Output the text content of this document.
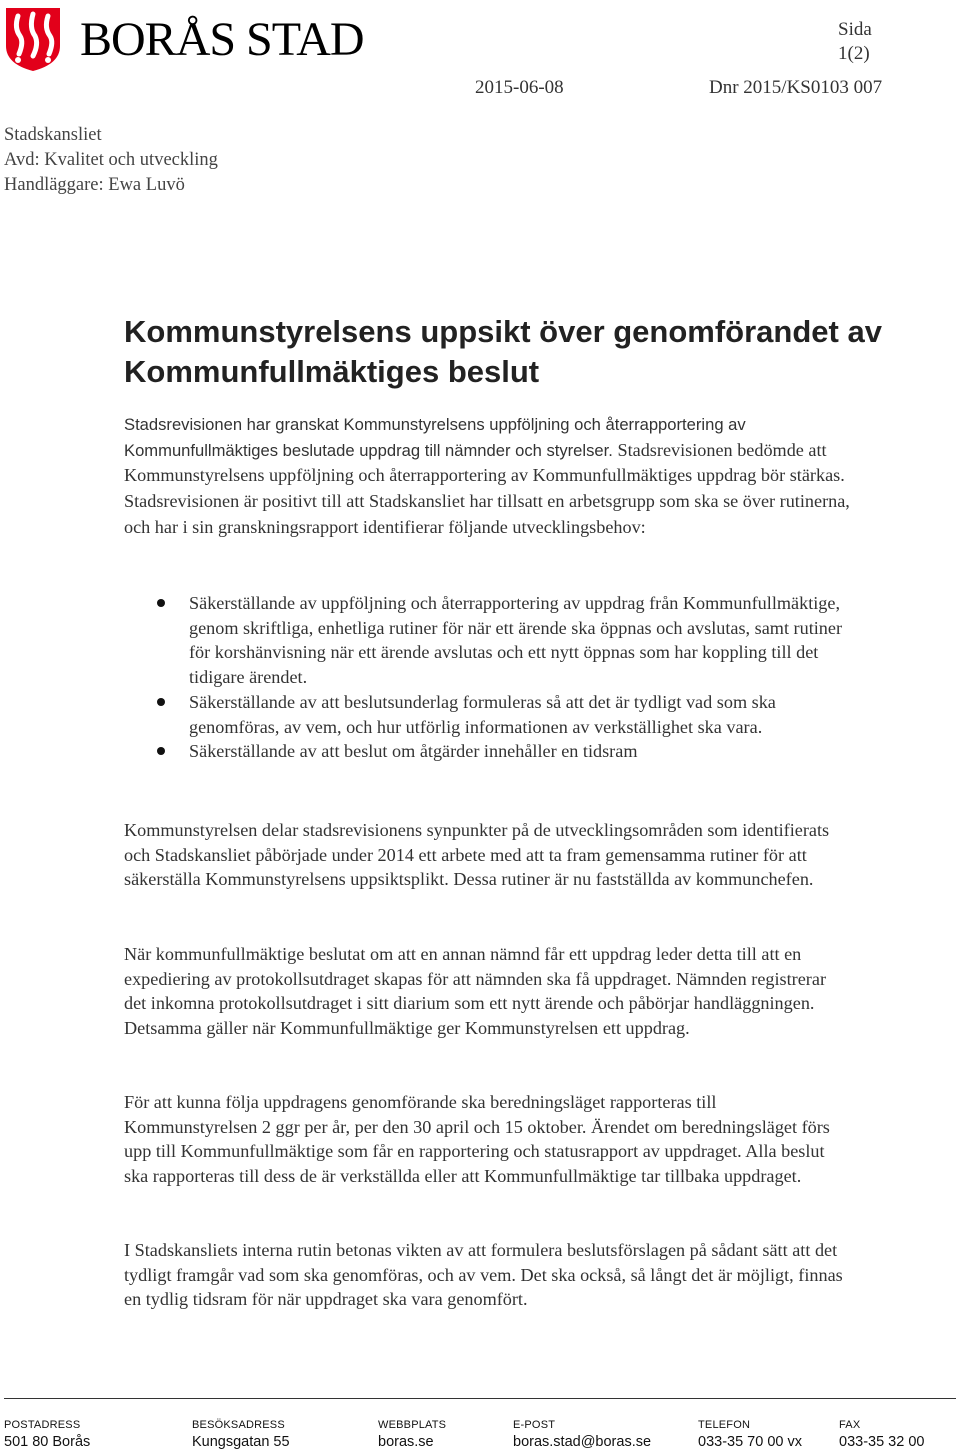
BORÅS STAD	Sida
1(2)
2015-06-08	Dnr 2015/KS0103 007
Stadskansliet
Avd: Kvalitet och utveckling
Handläggare: Ewa Luvö
Kommunstyrelsens uppsikt över genomförandet av Kommunfullmäktiges beslut

Stadsrevisionen har granskat Kommunstyrelsens uppföljning och återrapportering av Kommunfullmäktiges beslutade uppdrag till nämnder och styrelser. Stadsrevisionen bedömde att Kommunstyrelsens uppföljning och återrapportering av Kommunfullmäktiges uppdrag bör stärkas. Stadsrevisionen är positivt till att Stadskansliet har tillsatt en arbetsgrupp som ska se över rutinerna, och har i sin granskningsrapport identifierar följande utvecklingsbehov:

Säkerställande av uppföljning och återrapportering av uppdrag från Kommunfullmäktige, genom skriftliga, enhetliga rutiner för när ett ärende ska öppnas och avslutas, samt rutiner för korshänvisning när ett ärende avslutas och ett nytt öppnas som har koppling till det tidigare ärendet.
Säkerställande av att beslutsunderlag formuleras så att det är tydligt vad som ska genomföras, av vem, och hur utförlig informationen av verkställighet ska vara.
Säkerställande av att beslut om åtgärder innehåller en tidsram

Kommunstyrelsen delar stadsrevisionens synpunkter på de utvecklingsområden som identifierats och Stadskansliet påbörjade under 2014 ett arbete med att ta fram gemensamma rutiner för att säkerställa Kommunstyrelsens uppsiktsplikt. Dessa rutiner är nu fastställda av kommunchefen.

När kommunfullmäktige beslutat om att en annan nämnd får ett uppdrag leder detta till att en expediering av protokollsutdraget skapas för att nämnden ska få uppdraget. Nämnden registrerar det inkomna protokollsutdraget i sitt diarium som ett nytt ärende och påbörjar handläggningen. Detsamma gäller när Kommunfullmäktige ger Kommunstyrelsen ett uppdrag.

För att kunna följa uppdragens genomförande ska beredningsläget rapporteras till Kommunstyrelsen 2 ggr per år, per den 30 april och 15 oktober. Ärendet om beredningsläget förs upp till Kommunfullmäktige som får en rapportering och statusrapport av uppdraget. Alla beslut ska rapporteras till dess de är verkställda eller att Kommunfullmäktige tar tillbaka uppdraget.

I Stadskansliets interna rutin betonas vikten av att formulera beslutsförslagen på sådant sätt att det tydligt framgår vad som ska genomföras, och av vem. Det ska också, så långt det är möjligt, finnas en tydlig tidsram för när uppdraget ska vara genomfört.

POSTADRESS
501 80 Borås
BESÖKSADRESS
Kungsgatan 55
WEBBPLATS
boras.se
E-POST
boras.stad@boras.se
TELEFON
033-35 70 00 vx
FAX
033-35 32 00
